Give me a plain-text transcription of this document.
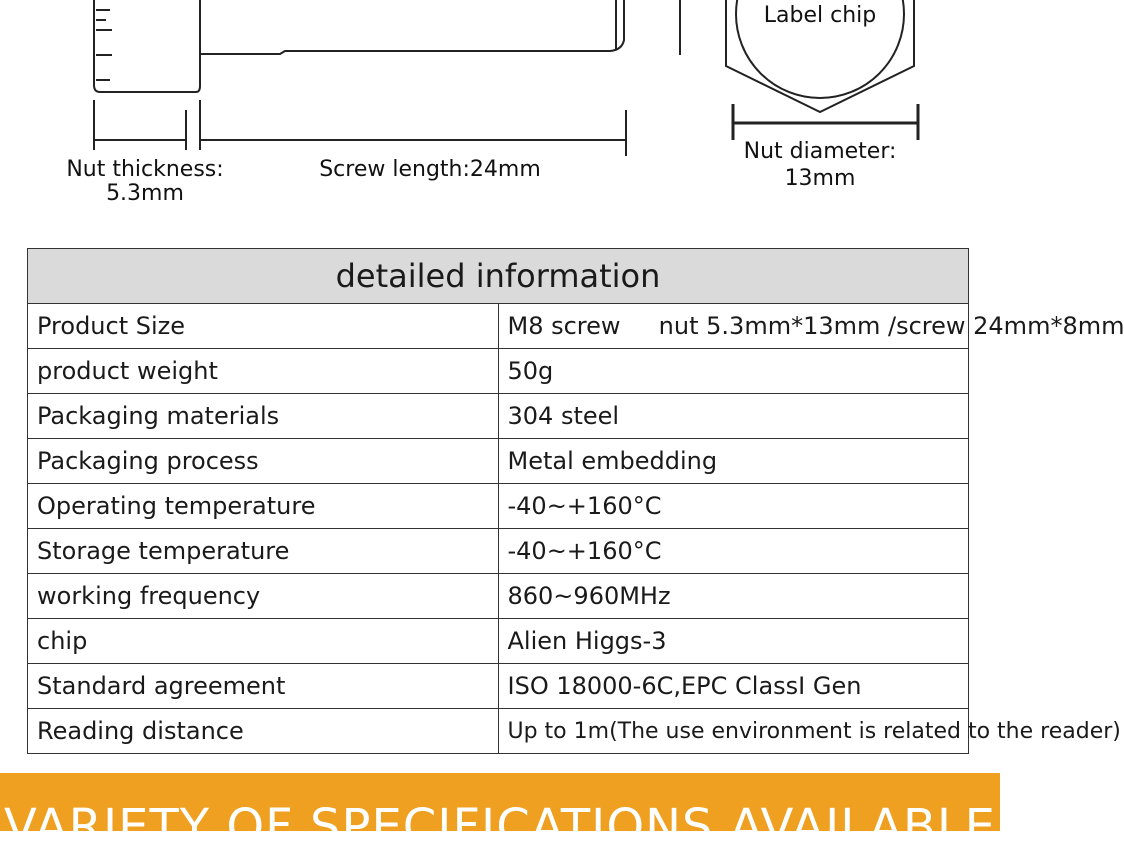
Nut thickness:
5.3mm
Screw length:24mm
Label chip
Nut diameter:
13mm
detailed information	
Product Size	M8 screw     nut 5.3mm*13mm /screw 24mm*8mm
product weight	50g
Packaging materials	304 steel
Packaging process	Metal embedding
Operating temperature	-40~+160°C
Storage temperature	-40~+160°C
working frequency	860~960MHz
chip	Alien Higgs-3
Standard agreement	ISO 18000-6C,EPC ClassI Gen
Reading distance	Up to 1m(The use environment is related to the reader)
VARIETY OF SPECIFICATIONS AVAILABLE
